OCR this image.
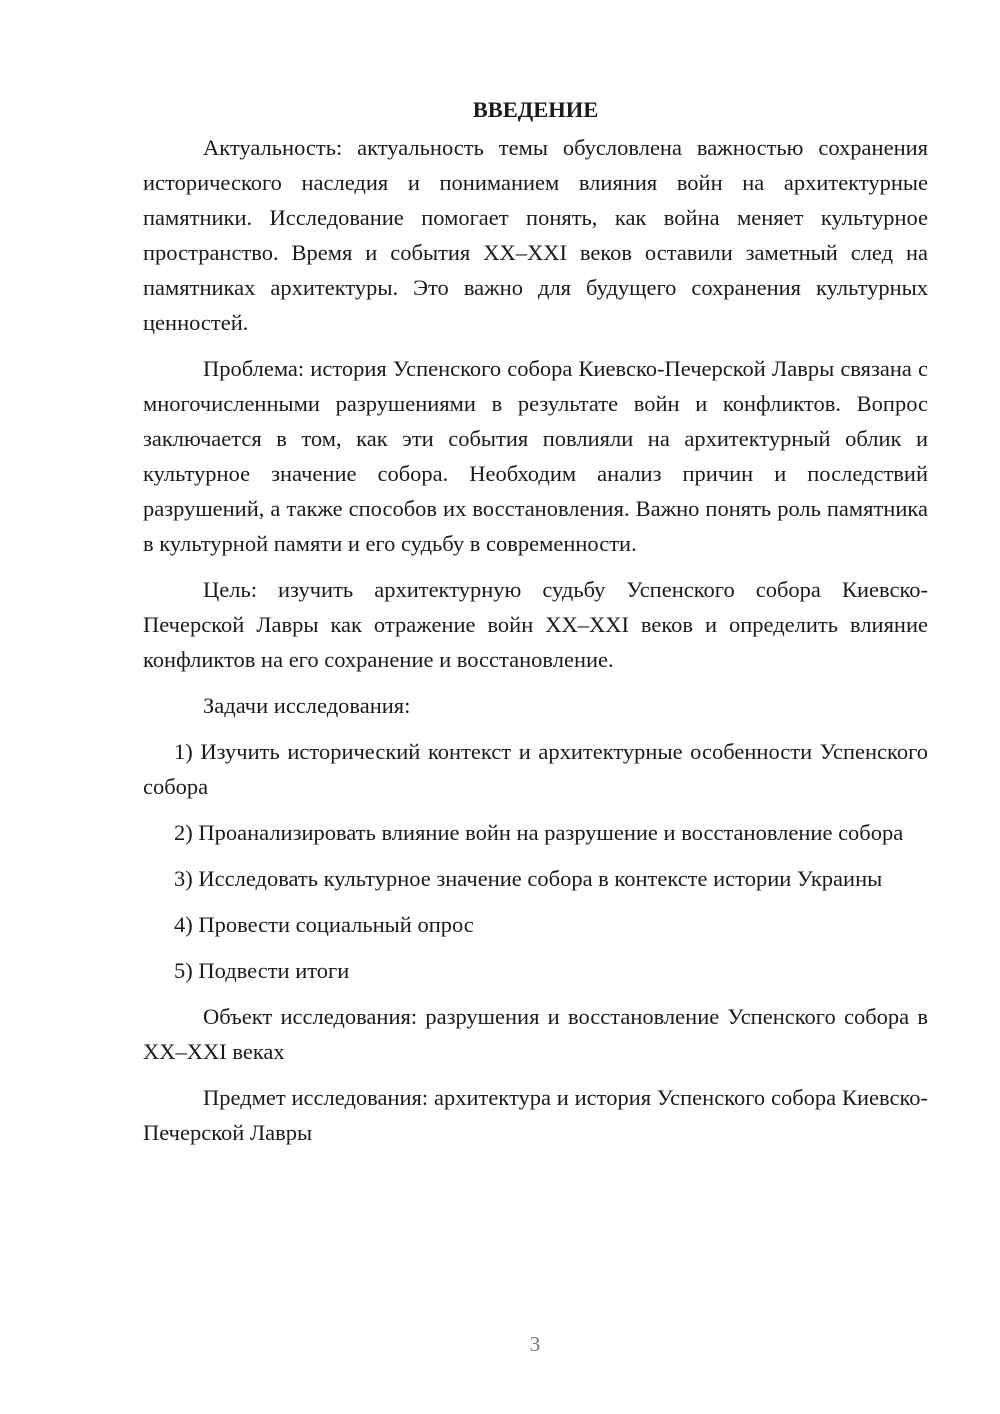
ВВЕДЕНИЕ

Актуальность: актуальность темы обусловлена важностью сохранения исторического наследия и пониманием влияния войн на архитектурные памятники. Исследование помогает понять, как война меняет культурное пространство. Время и события XX–XXI веков оставили заметный след на памятниках архитектуры. Это важно для будущего сохранения культурных ценностей.

Проблема: история Успенского собора Киевско-Печерской Лавры связана с многочисленными разрушениями в результате войн и конфликтов. Вопрос заключается в том, как эти события повлияли на архитектурный облик и культурное значение собора. Необходим анализ причин и последствий разрушений, а также способов их восстановления. Важно понять роль памятника в культурной памяти и его судьбу в современности.

Цель: изучить архитектурную судьбу Успенского собора Киевско-Печерской Лавры как отражение войн XX–XXI веков и определить влияние конфликтов на его сохранение и восстановление.

Задачи исследования:

1) Изучить исторический контекст и архитектурные особенности Успенского собора

2) Проанализировать влияние войн на разрушение и восстановление собора

3) Исследовать культурное значение собора в контексте истории Украины

4) Провести социальный опрос

5) Подвести итоги

Объект исследования: разрушения и восстановление Успенского собора в XX–XXI веках

Предмет исследования: архитектура и история Успенского собора Киевско-Печерской Лавры

3
